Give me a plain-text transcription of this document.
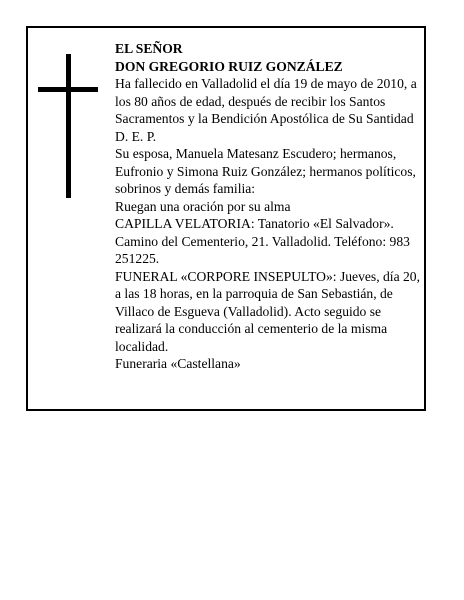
EL SEÑOR
DON GREGORIO RUIZ GONZÁLEZ
Ha fallecido en Valladolid el día 19 de mayo de 2010, a los 80 años de edad, después de recibir los Santos Sacramentos y la Bendición Apostólica de Su Santidad D. E. P.
Su esposa, Manuela Matesanz Escudero; hermanos, Eufronio y Simona Ruiz González; hermanos políticos, sobrinos y demás familia:
Ruegan una oración por su alma
CAPILLA VELATORIA: Tanatorio «El Salvador». Camino del Cementerio, 21. Valladolid. Teléfono: 983 251225.
FUNERAL «CORPORE INSEPULTO»: Jueves, día 20, a las 18 horas, en la parroquia de San Sebastián, de Villaco de Esgueva (Valladolid). Acto seguido se realizará la conducción al cementerio de la misma localidad.
Funeraria «Castellana»
